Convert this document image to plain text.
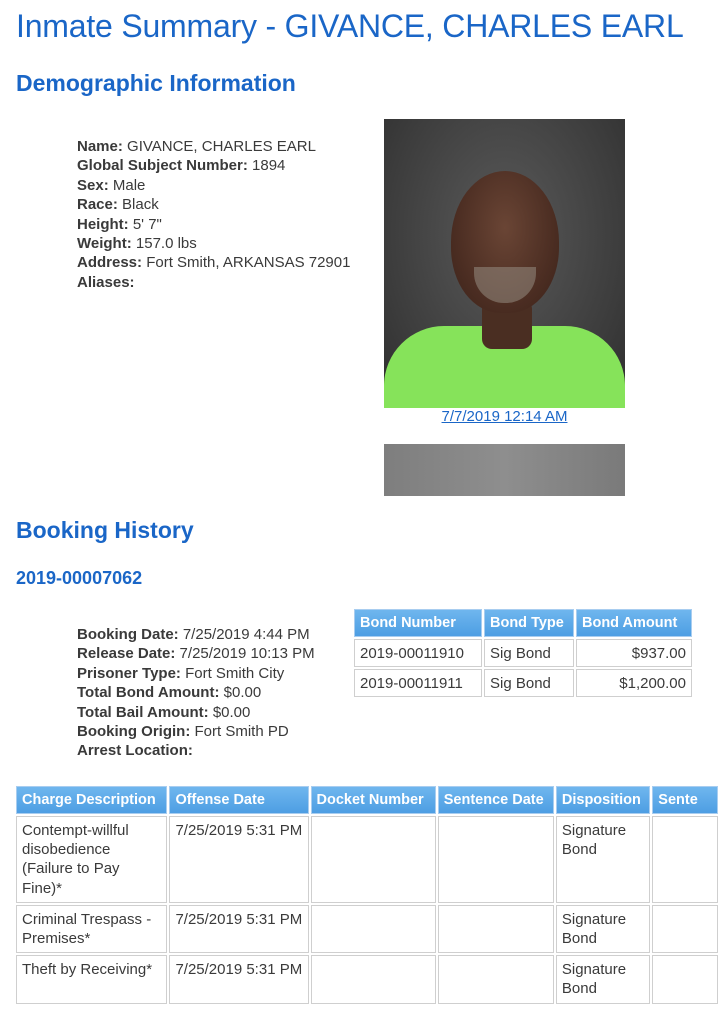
Inmate Summary - GIVANCE, CHARLES EARL
Demographic Information
Name: GIVANCE, CHARLES EARL
Global Subject Number: 1894
Sex: Male
Race: Black
Height: 5' 7"
Weight: 157.0 lbs
Address: Fort Smith, ARKANSAS 72901
Aliases:
7/7/2019 12:14 AM
Booking History
2019-00007062
Booking Date: 7/25/2019 4:44 PM
Release Date: 7/25/2019 10:13 PM
Prisoner Type: Fort Smith City
Total Bond Amount: $0.00
Total Bail Amount: $0.00
Booking Origin: Fort Smith PD
Arrest Location:
Bond Number	Bond Type	Bond Amount
2019-00011910	Sig Bond	$937.00
2019-00011911	Sig Bond	$1,200.00
Charge Description	Offense Date	Docket Number	Sentence Date	Disposition	Sente
Contempt-willful disobedience (Failure to Pay Fine)*	7/25/2019 5:31 PM			Signature Bond	
Criminal Trespass - Premises*	7/25/2019 5:31 PM			Signature Bond	
Theft by Receiving*	7/25/2019 5:31 PM			Signature Bond	
